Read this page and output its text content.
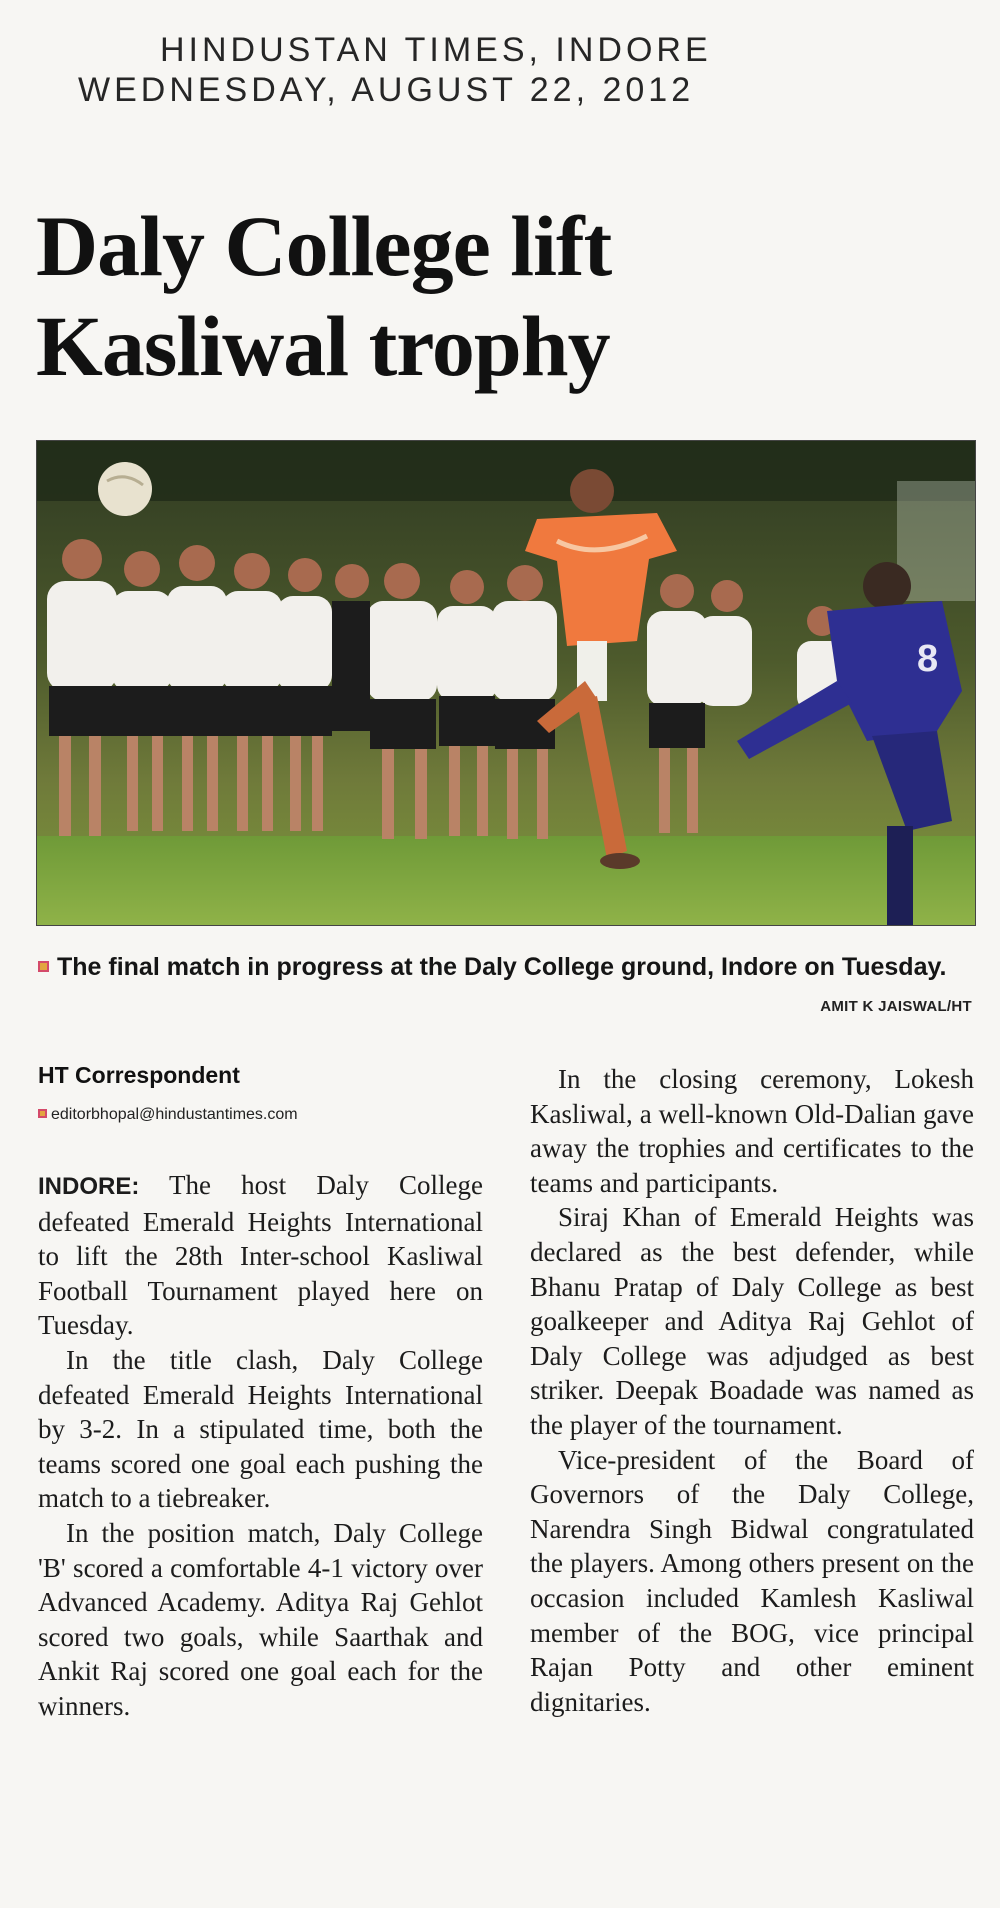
HINDUSTAN TIMES, INDORE
WEDNESDAY, AUGUST 22, 2012
Daly College lift
Kasliwal trophy
8
The final match in progress at the Daly College ground, Indore on Tuesday.
AMIT K JAISWAL/HT
HT Correspondent
editorbhopal@hindustantimes.com

INDORE: The host Daly College defeated Emerald Heights International to lift the 28th Inter-school Kasliwal Football Tournament played here on Tuesday.

In the title clash, Daly College defeated Emerald Heights International by 3-2. In a stipulated time, both the teams scored one goal each pushing the match to a tiebreaker.

In the position match, Daly College 'B' scored a comfortable 4-1 victory over Advanced Academy. Aditya Raj Gehlot scored two goals, while Saarthak and Ankit Raj scored one goal each for the winners.

In the closing ceremony, Lokesh Kasliwal, a well-known Old-Dalian gave away the trophies and certificates to the teams and participants.

Siraj Khan of Emerald Heights was declared as the best defender, while Bhanu Pratap of Daly College as best goalkeeper and Aditya Raj Gehlot of Daly College was adjudged as best striker. Deepak Boadade was named as the player of the tournament.

Vice-president of the Board of Governors of the Daly College, Narendra Singh Bidwal congratulated the players. Among others present on the occasion included Kamlesh Kasliwal member of the BOG, vice principal Rajan Potty and other eminent dignitaries.
